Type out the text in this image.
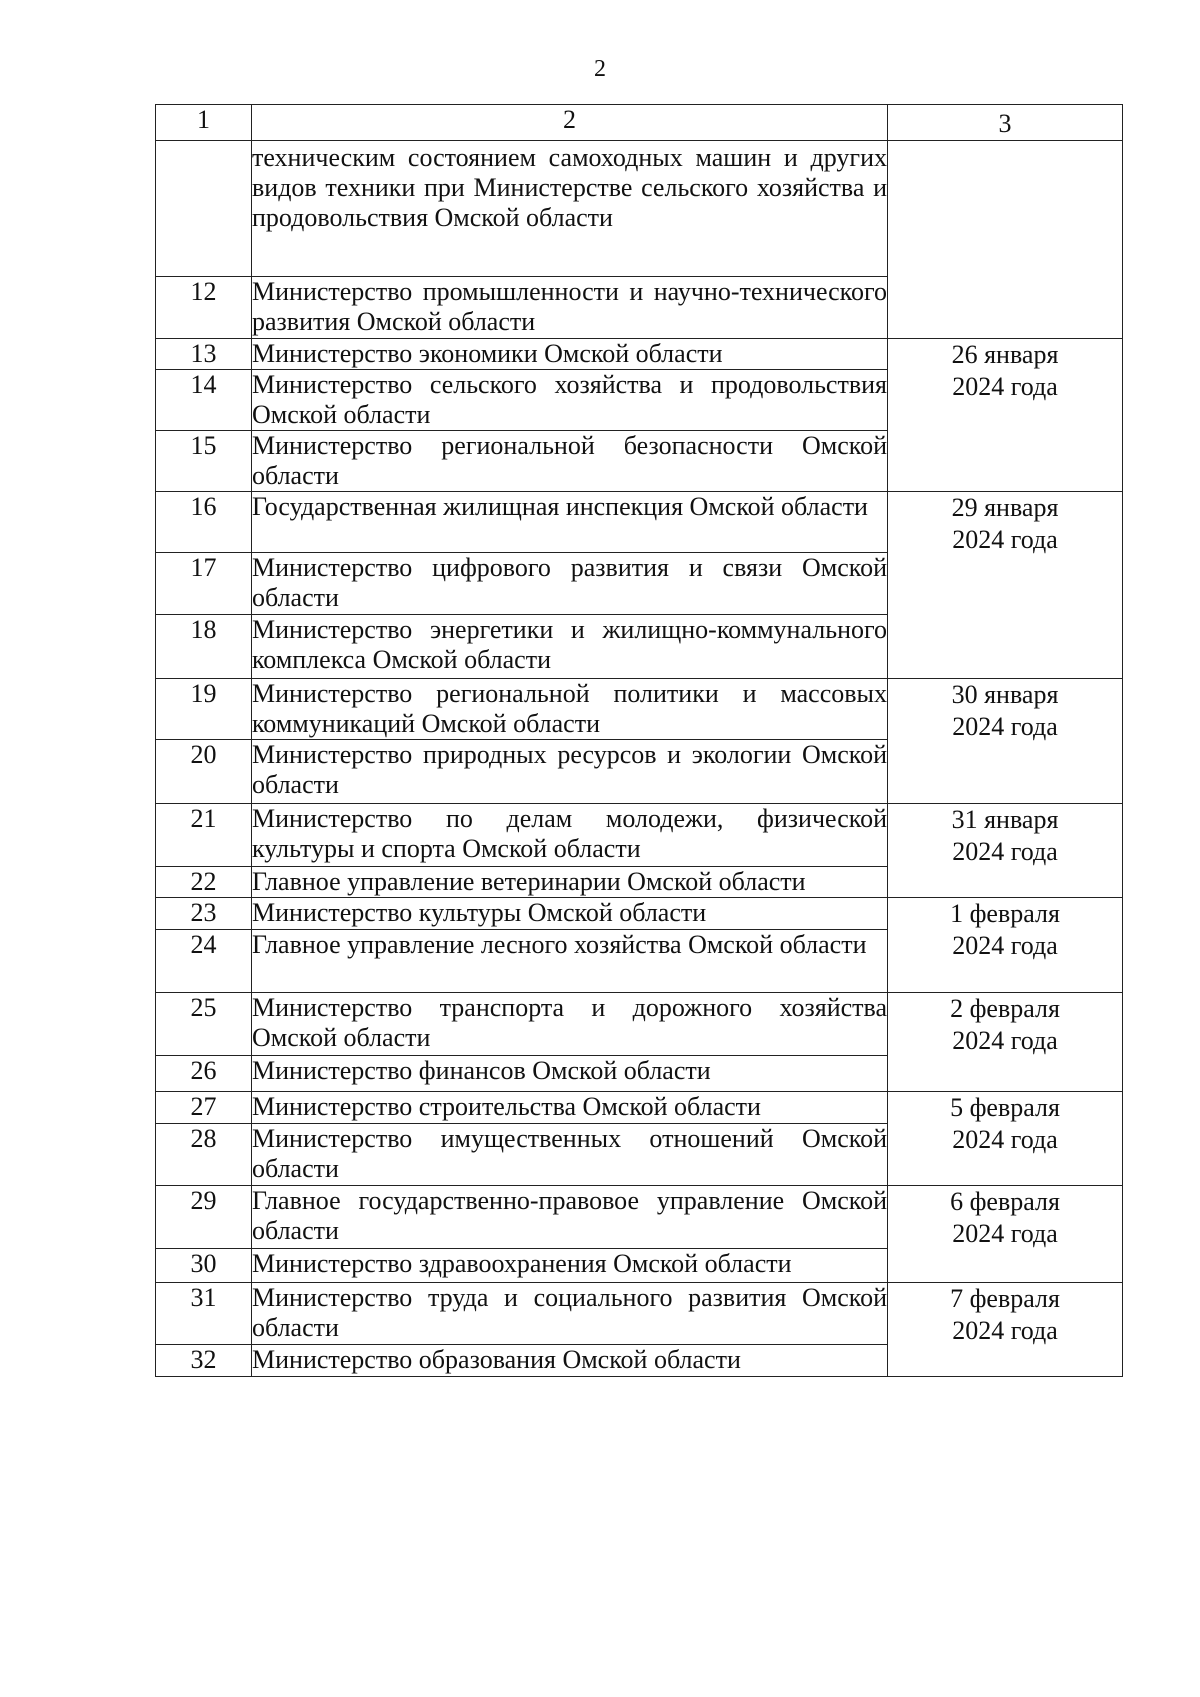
2
1	2	3
	техническим состоянием самоходных машин и других видов техники при Министерстве сельского хозяйства и продовольствия Омской области	
12	Министерство промышленности и научно-технического развития Омской области	
13	Министерство экономики Омской области	26 января
2024 года

14	Министерство сельского хозяйства и продовольствия Омской области	
15	Министерство региональной безопасности Омской области	
16	Государственная жилищная инспекция Омской области	29 января
2024 года

17	Министерство цифрового развития и связи Омской области	
18	Министерство энергетики и жилищно-коммунального комплекса Омской области	
19	Министерство региональной политики и массовых коммуникаций Омской области	30 января
2024 года

20	Министерство природных ресурсов и экологии Омской области	
21	Министерство по делам молодежи, физической культуры и спорта Омской области	31 января
2024 года

22	Главное управление ветеринарии Омской области	
23	Министерство культуры Омской области	1 февраля
2024 года

24	Главное управление лесного хозяйства Омской области	
25	Министерство транспорта и дорожного хозяйства Омской области	2 февраля
2024 года

26	Министерство финансов Омской области	
27	Министерство строительства Омской области	5 февраля
2024 года

28	Министерство имущественных отношений Омской области	
29	Главное государственно-правовое управление Омской области	6 февраля
2024 года

30	Министерство здравоохранения Омской области	
31	Министерство труда и социального развития Омской области	7 февраля
2024 года

32	Министерство образования Омской области	
